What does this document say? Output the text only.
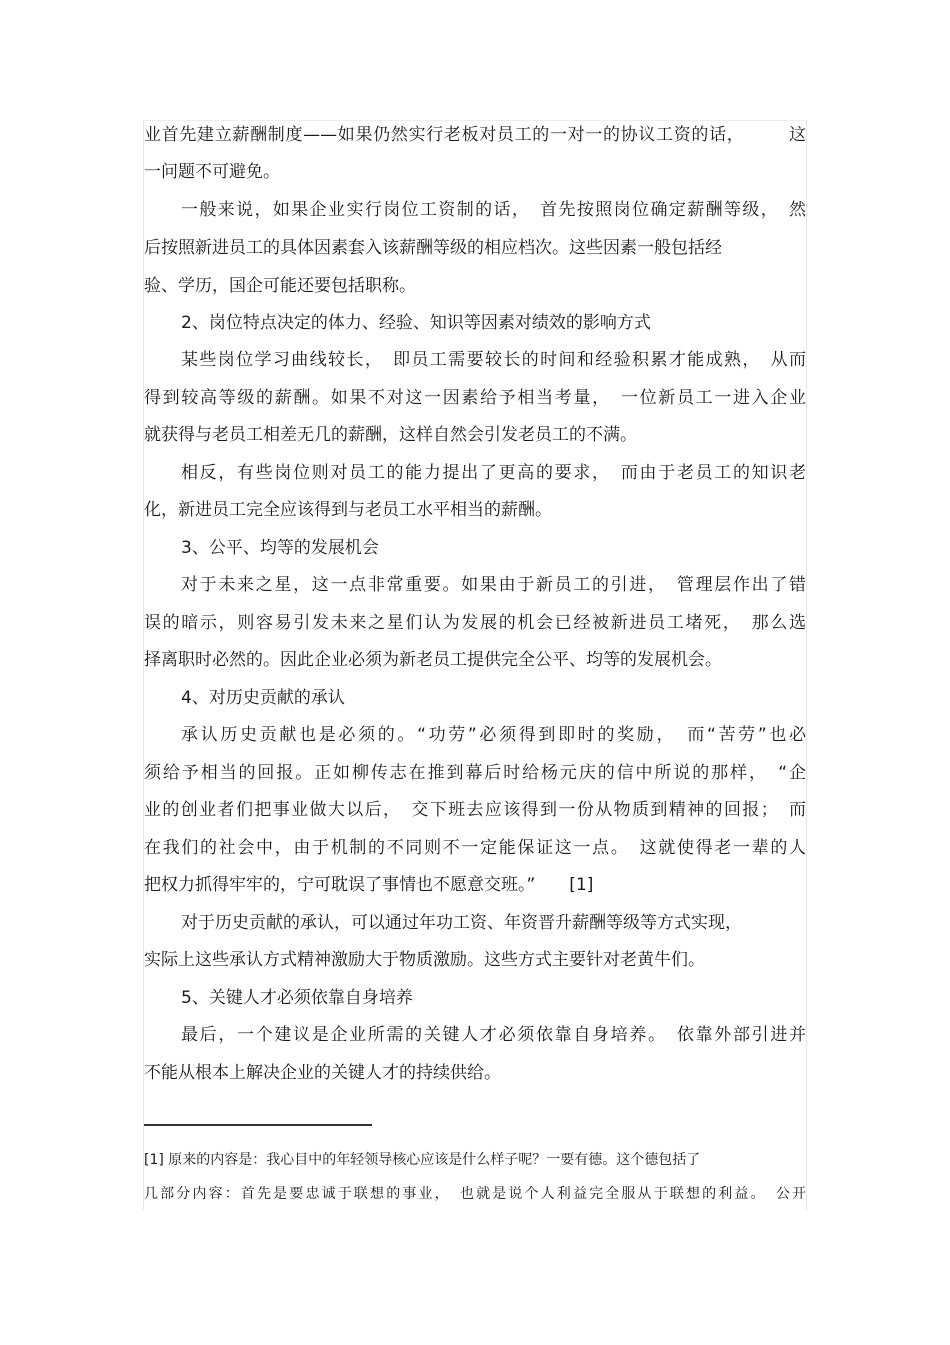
业首先建立薪酬制度——如果仍然实行老板对员工的一对一的协议工资的话，　　　这
一问题不可避免。
一般来说，如果企业实行岗位工资制的话，　首先按照岗位确定薪酬等级，　然
后按照新进员工的具体因素套入该薪酬等级的相应档次。这些因素一般包括经
验、学历，国企可能还要包括职称。
2、岗位特点决定的体力、经验、知识等因素对绩效的影响方式
某些岗位学习曲线较长，　即员工需要较长的时间和经验积累才能成熟，　从而
得到较高等级的薪酬。如果不对这一因素给予相当考量，　一位新员工一进入企业
就获得与老员工相差无几的薪酬，这样自然会引发老员工的不满。
相反，有些岗位则对员工的能力提出了更高的要求，　而由于老员工的知识老
化，新进员工完全应该得到与老员工水平相当的薪酬。
3、公平、均等的发展机会
对于未来之星，这一点非常重要。如果由于新员工的引进，　管理层作出了错
误的暗示，则容易引发未来之星们认为发展的机会已经被新进员工堵死，　那么选
择离职时必然的。因此企业必须为新老员工提供完全公平、均等的发展机会。
4、对历史贡献的承认
承认历史贡献也是必须的。“功劳”必须得到即时的奖励，　而“苦劳”也必
须给予相当的回报。正如柳传志在推到幕后时给杨元庆的信中所说的那样，　“企
业的创业者们把事业做大以后，　交下班去应该得到一份从物质到精神的回报；　而
在我们的社会中，由于机制的不同则不一定能保证这一点。　这就使得老一辈的人
把权力抓得牢牢的，宁可耽误了事情也不愿意交班。”　　[1]
对于历史贡献的承认，可以通过年功工资、年资晋升薪酬等级等方式实现，
实际上这些承认方式精神激励大于物质激励。这些方式主要针对老黄牛们。
5、关键人才必须依靠自身培养
最后，一个建议是企业所需的关键人才必须依靠自身培养。　依靠外部引进并
不能从根本上解决企业的关键人才的持续供给。
[1] 原来的内容是：我心目中的年轻领导核心应该是什么样子呢？一要有德。这个德包括了
几部分内容：首先是要忠诚于联想的事业，　也就是说个人利益完全服从于联想的利益。　公开
